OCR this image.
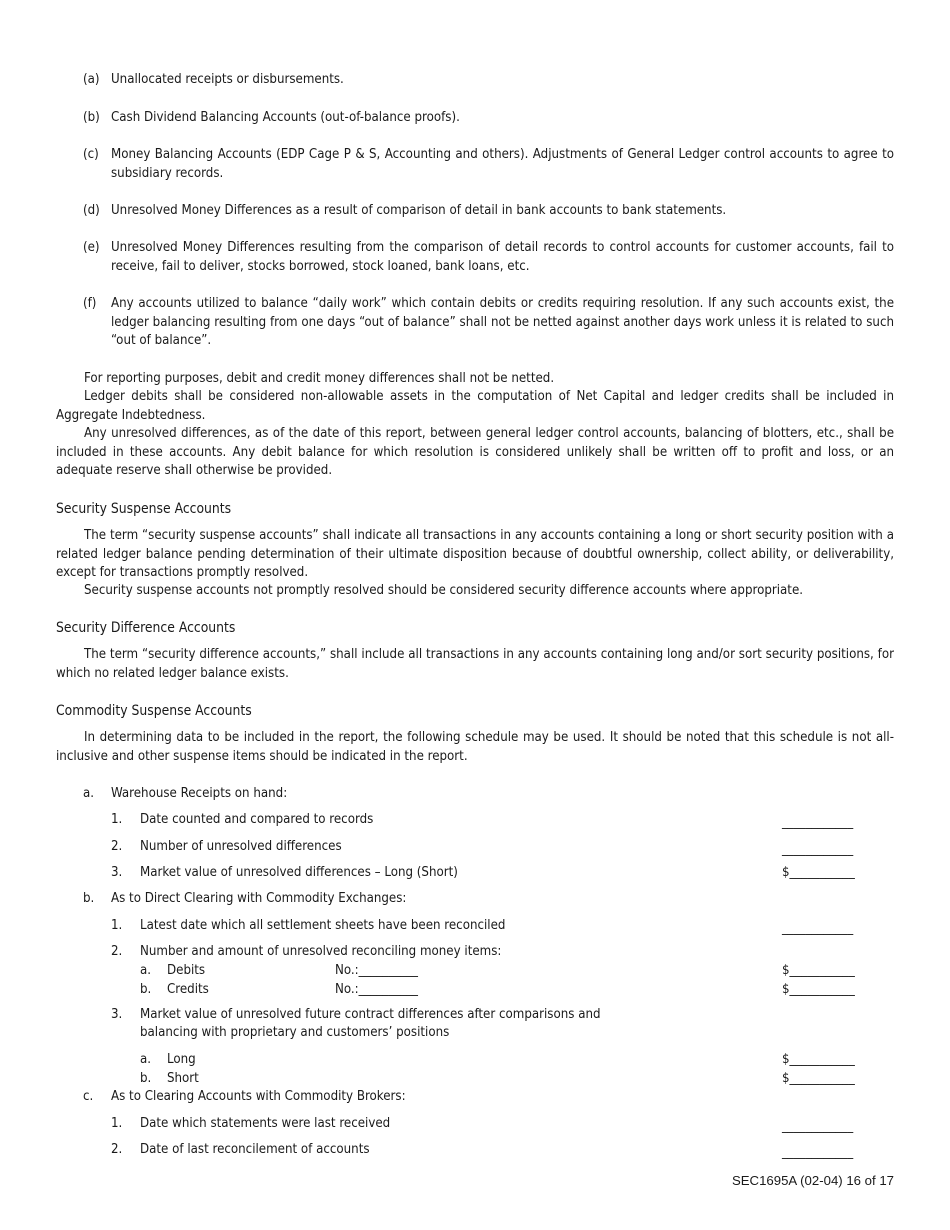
(a) Unallocated receipts or disbursements.
(b) Cash Dividend Balancing Accounts (out-of-balance proofs).
(c) Money Balancing Accounts (EDP Cage P & S, Accounting and others). Adjustments of General Ledger control accounts to agree to subsidiary records.
(d) Unresolved Money Differences as a result of comparison of detail in bank accounts to bank statements.
(e) Unresolved Money Differences resulting from the comparison of detail records to control accounts for customer accounts, fail to receive, fail to deliver, stocks borrowed, stock loaned, bank loans, etc.
(f) Any accounts utilized to balance “daily work” which contain debits or credits requiring resolution. If any such accounts exist, the ledger balancing resulting from one days “out of balance” shall not be netted against another days work unless it is related to such “out of balance”.
For reporting purposes, debit and credit money differences shall not be netted.
Ledger debits shall be considered non-allowable assets in the computation of Net Capital and ledger credits shall be included in Aggregate Indebtedness.
Any unresolved differences, as of the date of this report, between general ledger control accounts, balancing of blotters, etc., shall be included in these accounts. Any debit balance for which resolution is considered unlikely shall be written off to profit and loss, or an adequate reserve shall otherwise be provided.
Security Suspense Accounts
The term “security suspense accounts” shall indicate all transactions in any accounts containing a long or short security position with a related ledger balance pending determination of their ultimate disposition because of doubtful ownership, collect ability, or deliverability, except for transactions promptly resolved.
Security suspense accounts not promptly resolved should be considered security difference accounts where appropriate.
Security Difference Accounts
The term “security difference accounts,” shall include all transactions in any accounts containing long and/or sort security positions, for which no related ledger balance exists.
Commodity Suspense Accounts
In determining data to be included in the report, the following schedule may be used. It should be noted that this schedule is not all-inclusive and other suspense items should be indicated in the report.
a. Warehouse Receipts on hand:
1. Date counted and compared to records	____________
2. Number of unresolved differences	____________
3. Market value of unresolved differences – Long (Short)	$___________
b. As to Direct Clearing with Commodity Exchanges:
1. Latest date which all settlement sheets have been reconciled	____________
2. Number and amount of unresolved reconciling money items:
a. Debits	No.:__________	$___________
b. Credits	No.:__________	$___________
3. Market value of unresolved future contract differences after comparisons and
balancing with proprietary and customers’ positions
a. Long	$___________
b. Short	$___________
c. As to Clearing Accounts with Commodity Brokers:
1. Date which statements were last received	____________
2. Date of last reconcilement of accounts	____________
SEC1695A (02-04) 16 of 17
